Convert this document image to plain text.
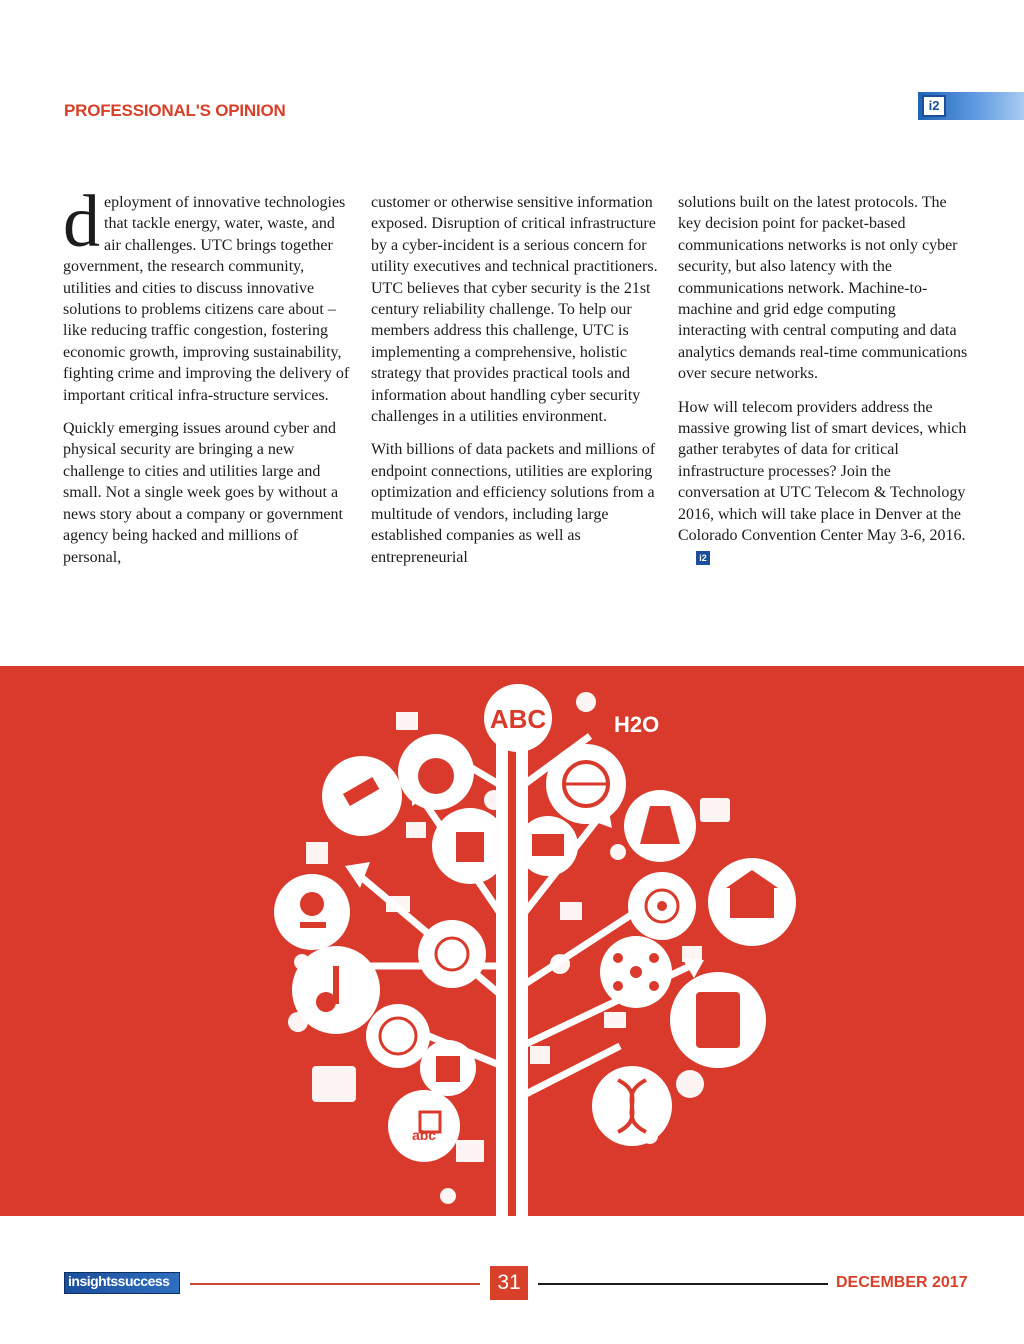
PROFESSIONAL'S OPINION	i2

deployment of innovative technologies that tackle energy, water, waste, and air challenges. UTC brings together government, the research community, utilities and cities to discuss innovative solutions to problems citizens care about – like reducing traffic congestion, fostering economic growth, improving sustainability, fighting crime and improving the delivery of important critical infra-structure services.

Quickly emerging issues around cyber and physical security are bringing a new challenge to cities and utilities large and small. Not a single week goes by without a news story about a company or government agency being hacked and millions of personal,

customer or otherwise sensitive information exposed. Disruption of critical infrastructure by a cyber-incident is a serious concern for utility executives and technical practitioners. UTC believes that cyber security is the 21st century reliability challenge. To help our members address this challenge, UTC is implementing a comprehensive, holistic strategy that provides practical tools and information about handling cyber security challenges in a utilities environment.

With billions of data packets and millions of endpoint connections, utilities are exploring optimization and efficiency solutions from a multitude of vendors, including large established companies as well as entrepreneurial

solutions built on the latest protocols. The key decision point for packet-based communications networks is not only cyber security, but also latency with the communications network. Machine-to-machine and grid edge computing interacting with central computing and data analytics demands real-time communications over secure networks.

How will telecom providers address the massive growing list of smart devices, which gather terabytes of data for critical infrastructure processes? Join the conversation at UTC Telecom & Technology 2016, which will take place in Denver at the Colorado Convention Center May 3-6, 2016.i2

ABC
abc
H2O
insightssuccess	31	DECEMBER 2017
